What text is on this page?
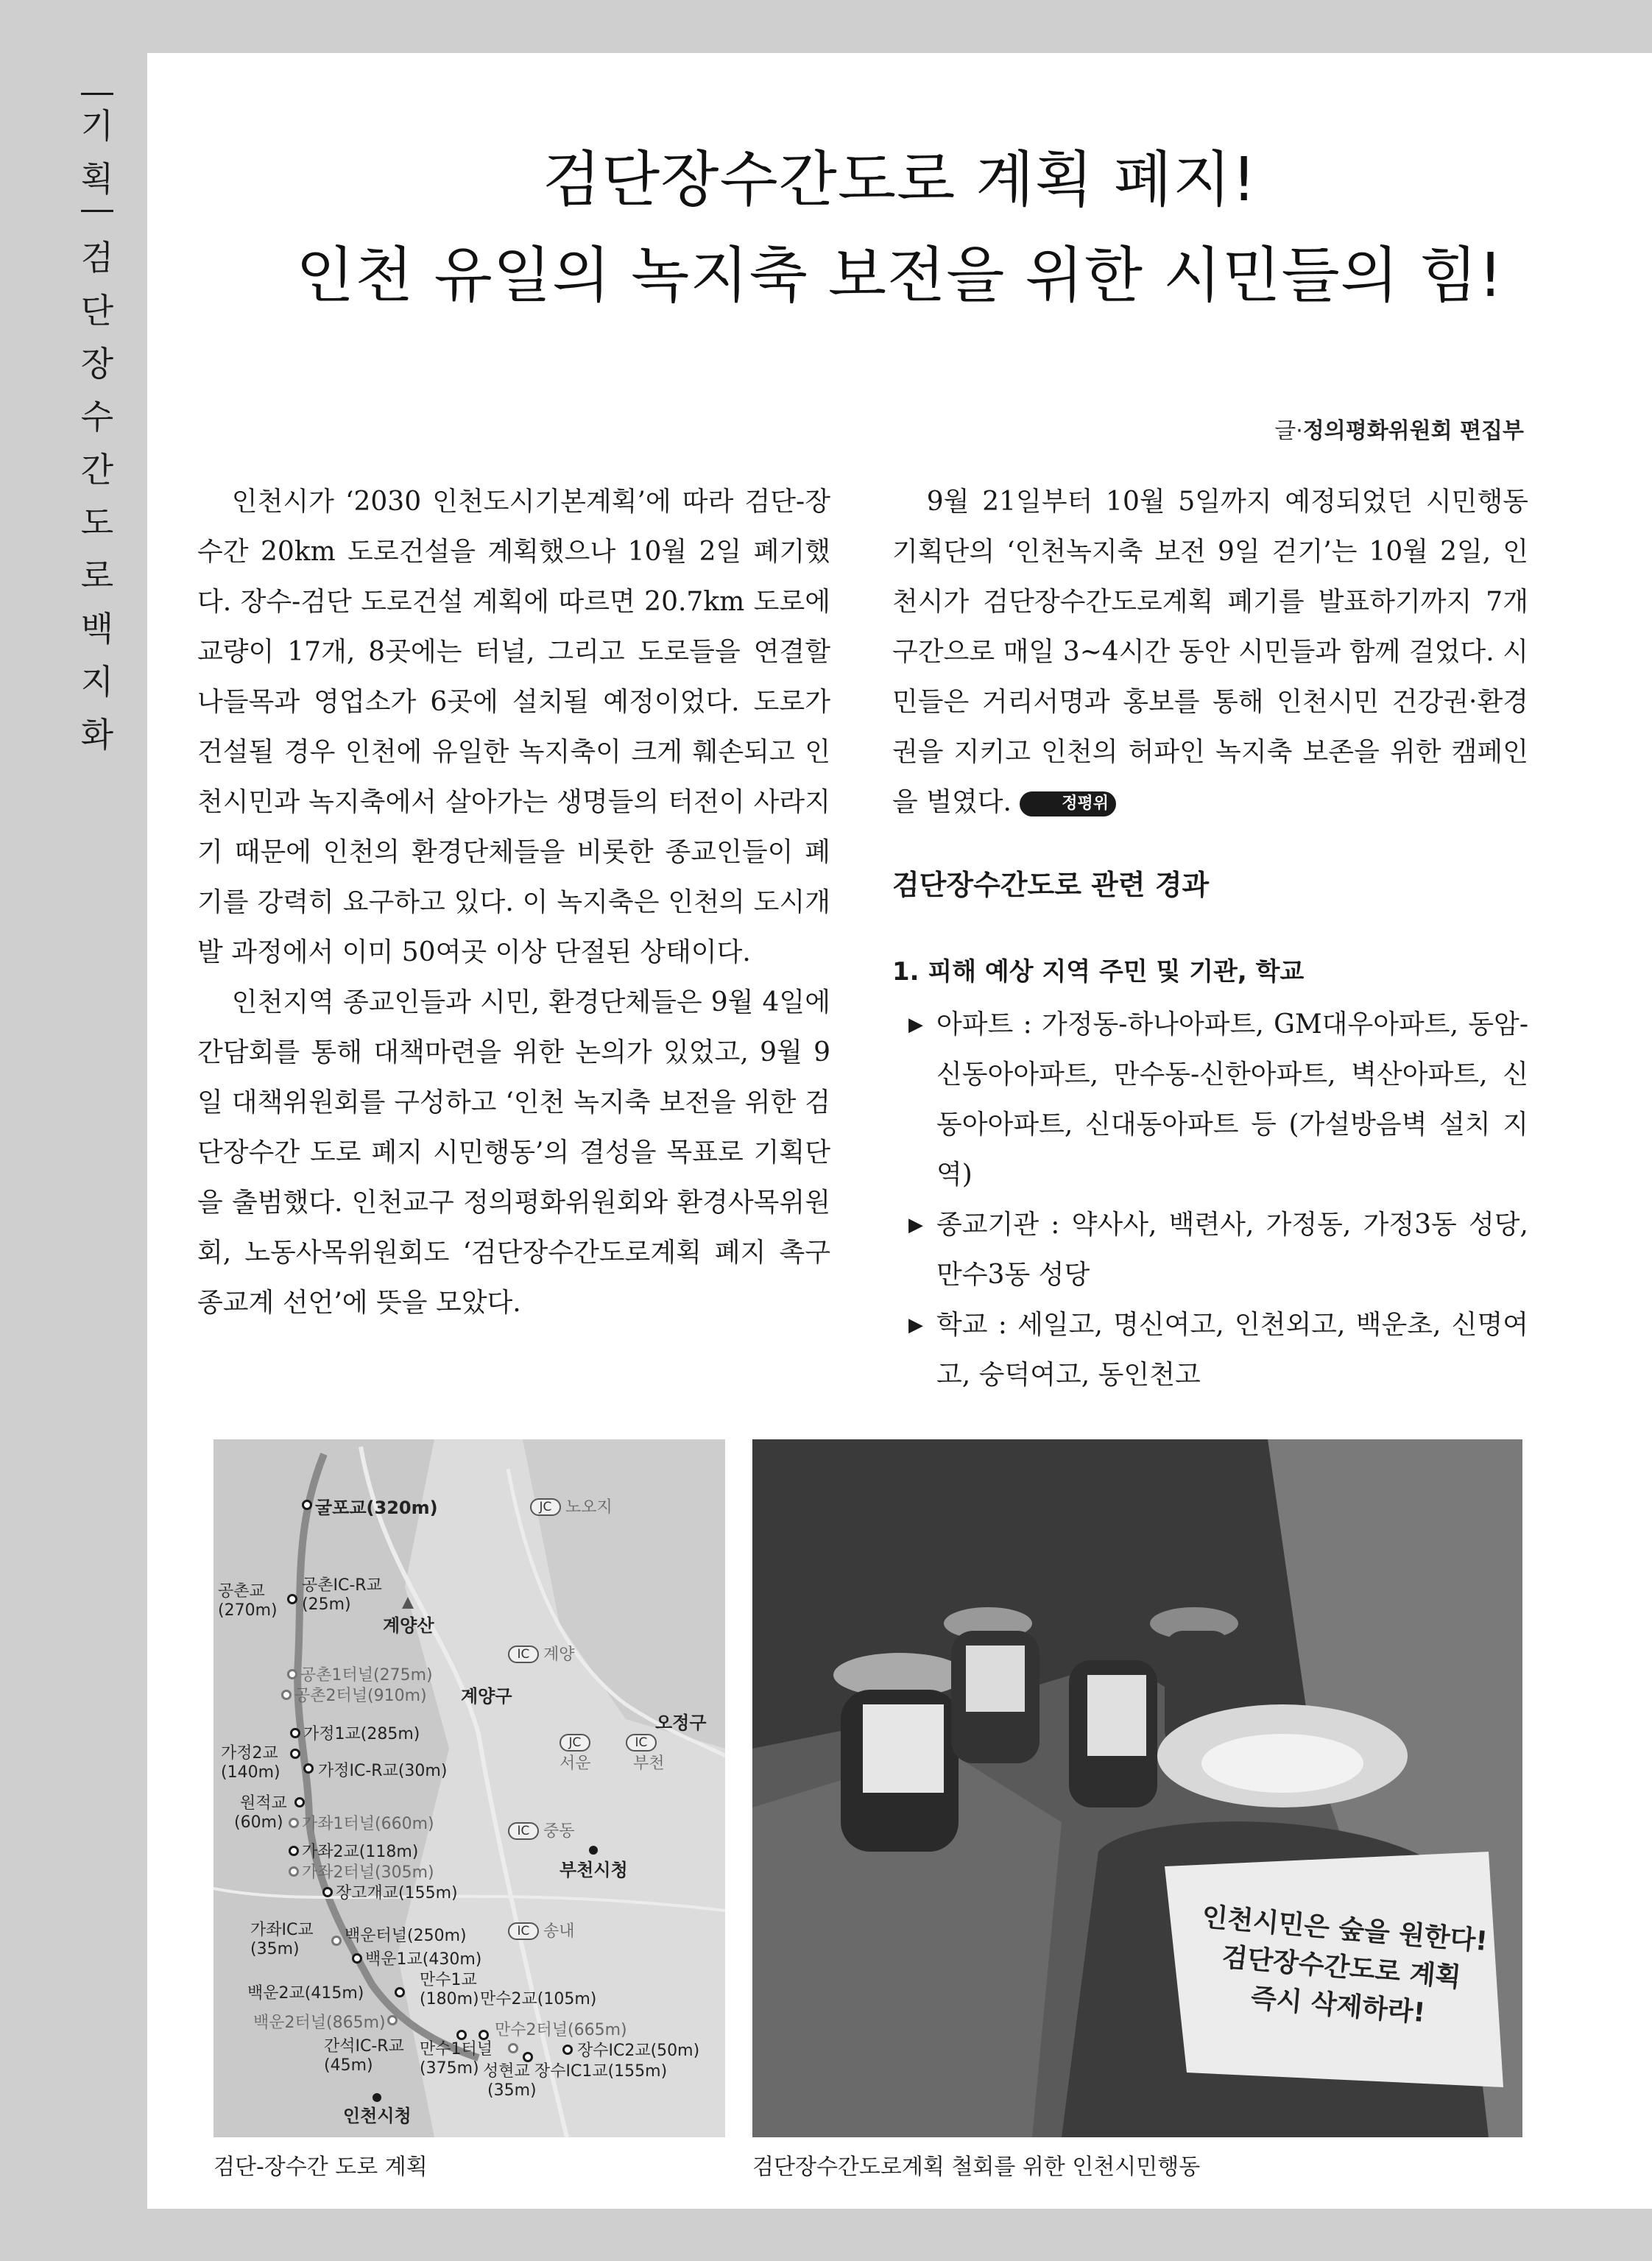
기
획
검
단
장
수
간
도
로
백
지
화
검단장수간도로 계획 폐지!
인천 유일의 녹지축 보전을 위한 시민들의 힘!
글·정의평화위원회 편집부

인천시가 ‘2030 인천도시기본계획’에 따라 검단-장수간 20km 도로건설을 계획했으나 10월 2일 폐기했다. 장수-검단 도로건설 계획에 따르면 20.7km 도로에 교량이 17개, 8곳에는 터널, 그리고 도로들을 연결할 나들목과 영업소가 6곳에 설치될 예정이었다. 도로가 건설될 경우 인천에 유일한 녹지축이 크게 훼손되고 인천시민과 녹지축에서 살아가는 생명들의 터전이 사라지기 때문에 인천의 환경단체들을 비롯한 종교인들이 폐기를 강력히 요구하고 있다. 이 녹지축은 인천의 도시개발 과정에서 이미 50여곳 이상 단절된 상태이다.

인천지역 종교인들과 시민, 환경단체들은 9월 4일에 간담회를 통해 대책마련을 위한 논의가 있었고, 9월 9일 대책위원회를 구성하고 ‘인천 녹지축 보전을 위한 검단장수간 도로 폐지 시민행동’의 결성을 목표로 기획단을 출범했다. 인천교구 정의평화위원회와 환경사목위원회, 노동사목위원회도 ‘검단장수간도로계획 폐지 촉구 종교계 선언’에 뜻을 모았다.

9월 21일부터 10월 5일까지 예정되었던 시민행동 기획단의 ‘인천녹지축 보전 9일 걷기’는 10월 2일, 인천시가 검단장수간도로계획 폐기를 발표하기까지 7개 구간으로 매일 3~4시간 동안 시민들과 함께 걸었다. 시민들은 거리서명과 홍보를 통해 인천시민 건강권·환경권을 지키고 인천의 허파인 녹지축 보존을 위한 캠페인을 벌였다.	정평위

검단장수간도로 관련 경과
1. 피해 예상 지역 주민 및 기관, 학교
▶ 아파트 : 가정동-하나아파트, GM대우아파트, 동암-신동아아파트, 만수동-신한아파트, 벽산아파트, 신동아아파트, 신대동아파트 등 (가설방음벽 설치 지역)
▶ 종교기관 : 약사사, 백련사, 가정동, 가정3동 성당, 만수3동 성당
▶ 학교 : 세일고, 명신여고, 인천외고, 백운초, 신명여고, 숭덕여고, 동인천고
굴포교(320m)	JC 노오지
공촌교
(270m)
공촌IC-R교
(25m)
계양산
IC 계양
공촌1터널(275m)
공촌2터널(910m) 계양구
오정구
가정1교(285m)	JC
서운
IC
부천
가정2교
(140m) 가정IC-R교(30m)
원적교
(60m) 가좌1터널(660m)	IC 중동
가좌2교(118m)
부천시청
가좌2터널(305m)
장고개교(155m)
가좌IC교
(35m)
백운터널(250m)	IC 송내
백운1교(430m)
백운2교(415m)
만수1교
(180m) 만수2교(105m)
백운2터널(865m)	만수2터널(665m)
간석IC-R교
(45m)
만수1터널
(375m)
장수IC2교(50m)
성현교 장수IC1교(155m)
(35m)
인천시청
인천시민은 숲을 원한다!
검단장수간도로 계획
즉시 삭제하라!
검단-장수간 도로 계획	검단장수간도로계획 철회를 위한 인천시민행동
